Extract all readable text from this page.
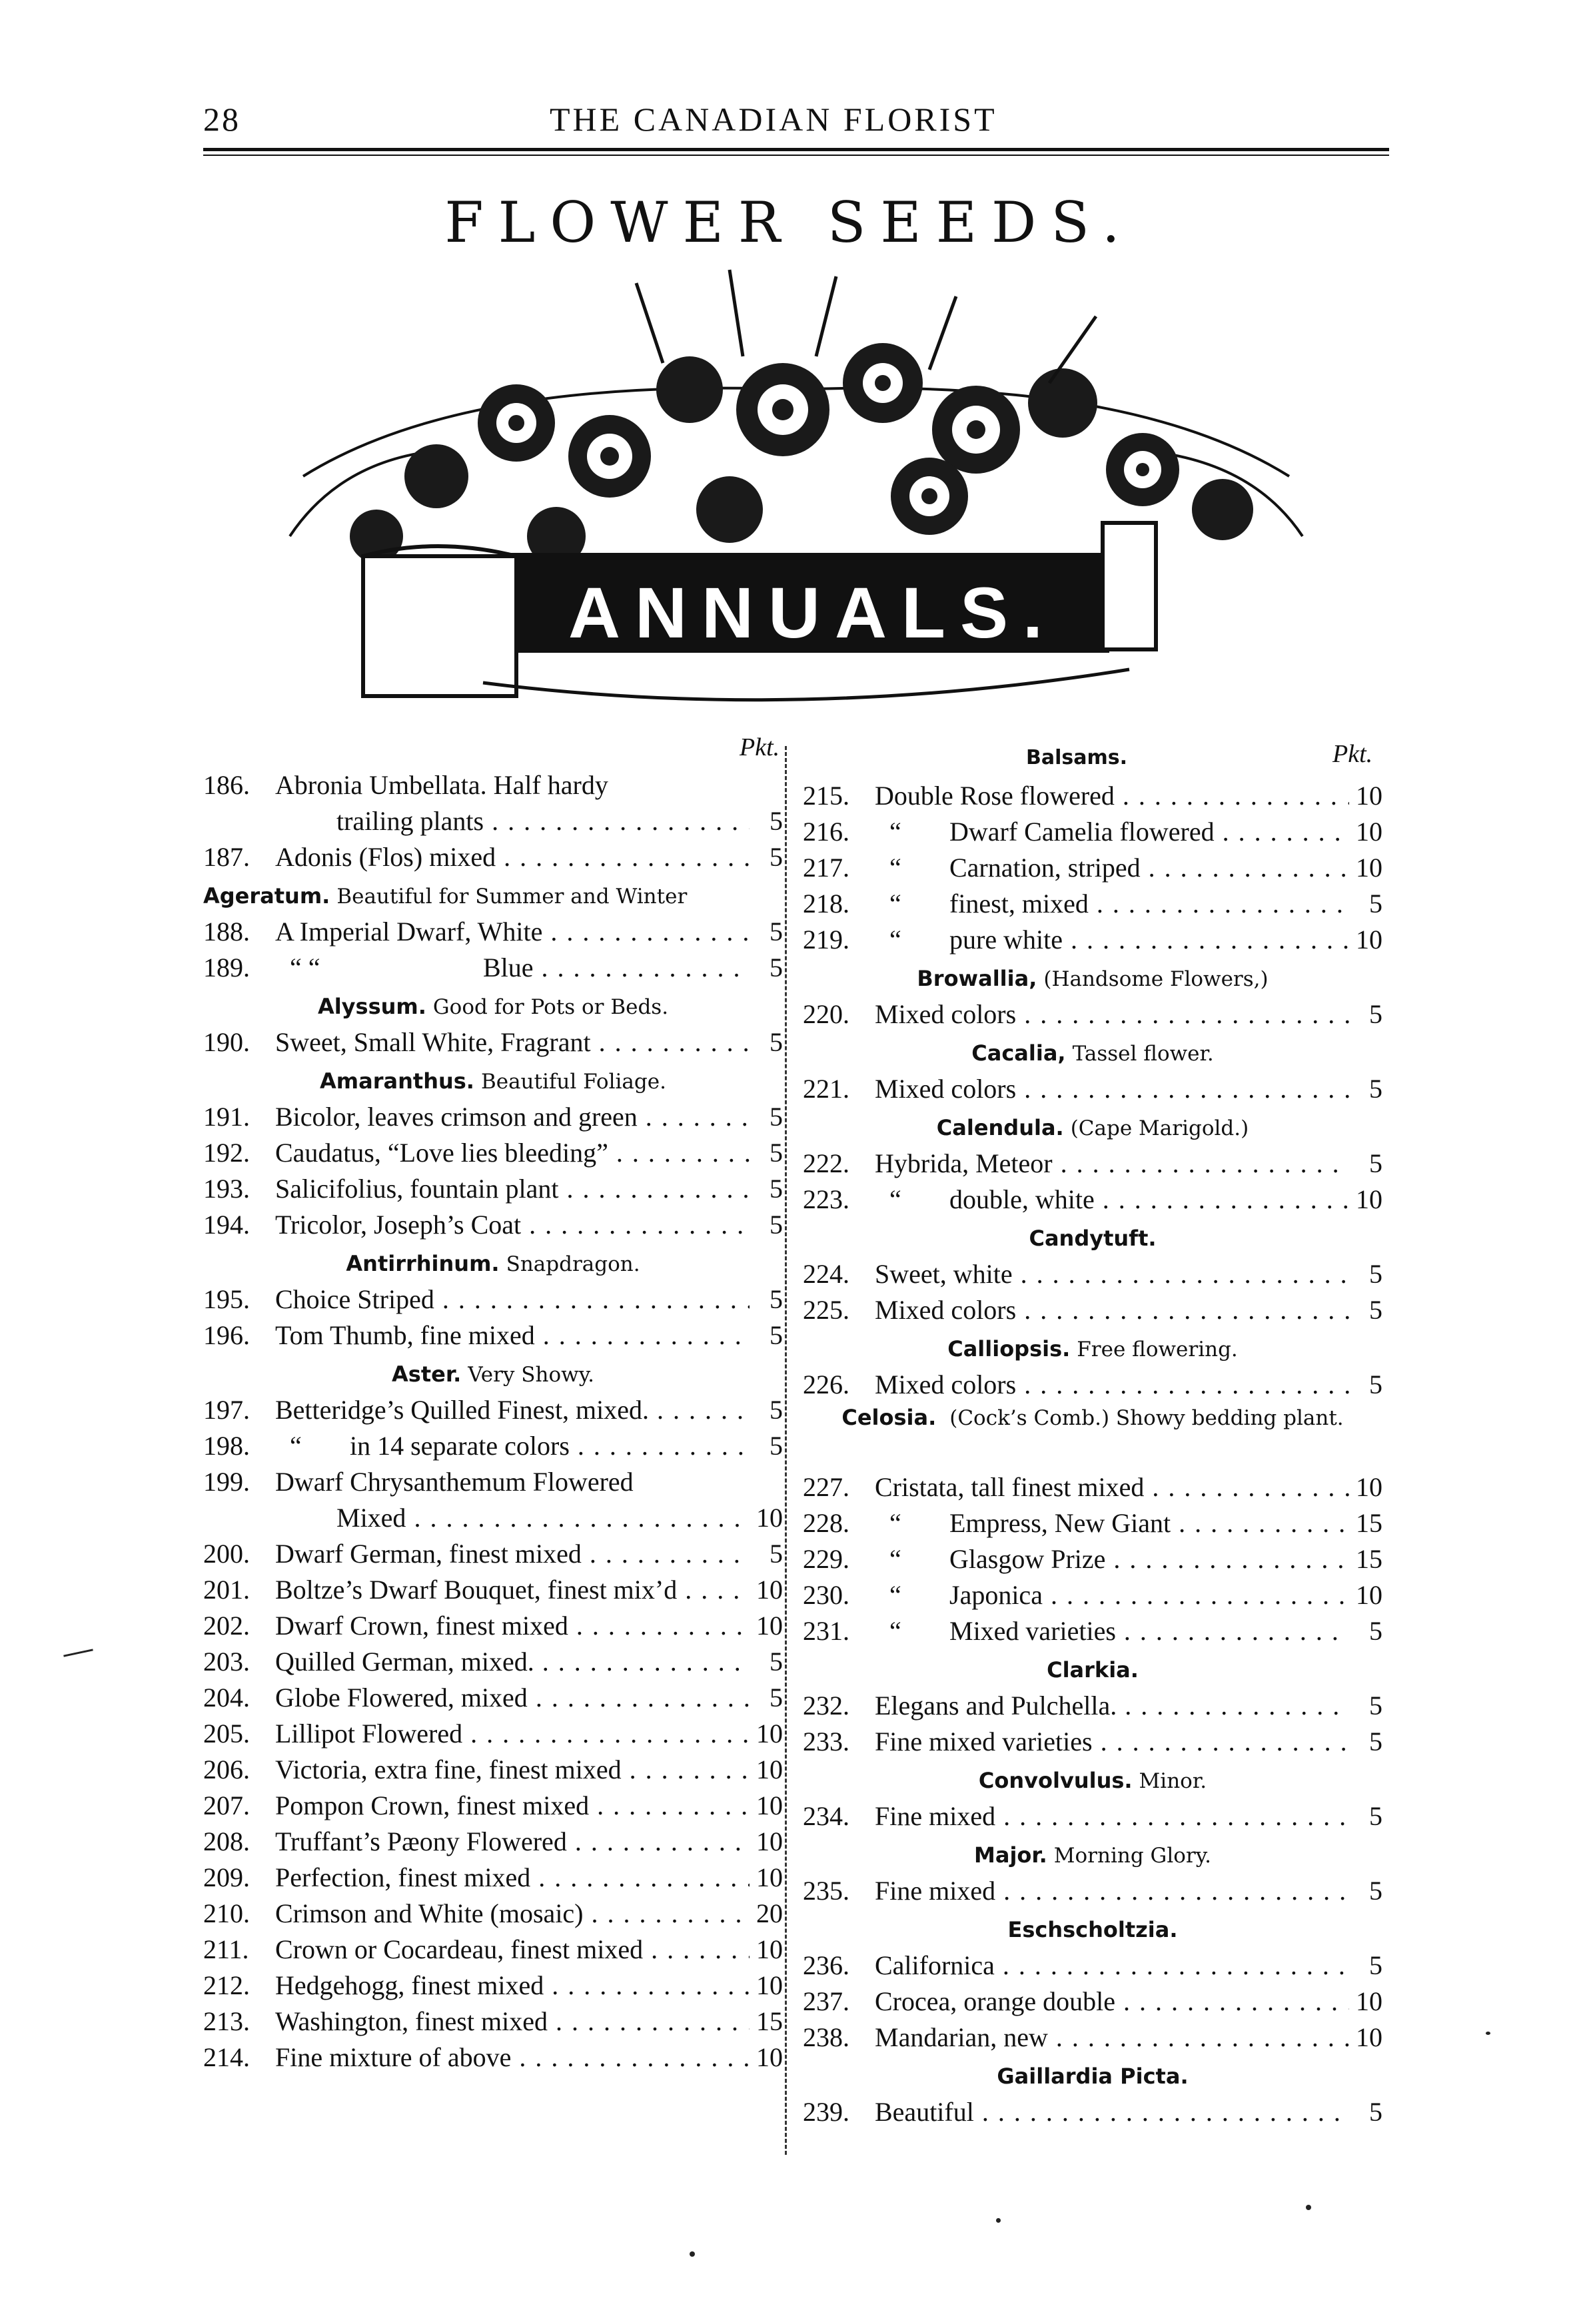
28	THE CANADIAN FLORIST
FLOWER SEEDS.
ANNUALS.
Pkt.	Balsams.	Pkt.
186. Abronia Umbellata. Half hardy
trailing plants . . .	5
187. Adonis (Flos) mixed . . .	5
Ageratum. Beautiful for Summer and Winter
188. A Imperial Dwarf, White . . .	5
189.	“ “	Blue . . .	5
Alyssum. Good for Pots or Beds.
190. Sweet, Small White, Fragrant . . .	5
Amaranthus. Beautiful Foliage.
191. Bicolor, leaves crimson and green . . .	5
192. Caudatus, “Love lies bleeding” . . .	5
193. Salicifolius, fountain plant . . .	5
194. Tricolor, Joseph’s Coat . . .	5
Antirrhinum. Snapdragon.
195. Choice Striped . . .	5
196. Tom Thumb, fine mixed . . .	5
Aster. Very Showy.
197. Betteridge’s Quilled Finest, mixed. . . .	5
198.	“ in 14 separate colors . . .	5
199. Dwarf Chrysanthemum Flowered
Mixed . . .	10
200. Dwarf German, finest mixed . . .	5
201. Boltze’s Dwarf Bouquet, finest mix’d . . .	10
202. Dwarf Crown, finest mixed . . .	10
203. Quilled German, mixed. . . .	5
204. Globe Flowered, mixed . . .	5
205. Lillipot Flowered . . .	10
206. Victoria, extra fine, finest mixed . . .	10
207. Pompon Crown, finest mixed . . .	10
208. Truffant’s Pæony Flowered . . .	10
209. Perfection, finest mixed . . .	10
210. Crimson and White (mosaic) . . .	20
211. Crown or Cocardeau, finest mixed . . .	10
212. Hedgehogg, finest mixed . . .	10
213. Washington, finest mixed . . .	15
214. Fine mixture of above . . .	10
215. Double Rose flowered . . .	10
216.	“ Dwarf Camelia flowered . . .	10
217.	“ Carnation, striped . . .	10
218.	“ finest, mixed . . .	5
219.	“ pure white . . .	10
Browallia, (Handsome Flowers,)
220. Mixed colors . . .	5
Cacalia, Tassel flower.
221. Mixed colors . . .	5
Calendula. (Cape Marigold.)
222. Hybrida, Meteor . . .	5
223.	“ double, white . . .	10
Candytuft.
224. Sweet, white . . .	5
225. Mixed colors . . .	5
Calliopsis. Free flowering.
226. Mixed colors . . .	5
Celosia. (Cock’s Comb.) Showy bedding plant.
227. Cristata, tall finest mixed . . .	10
228.	“ Empress, New Giant . . .	15
229.	“ Glasgow Prize . . .	15
230.	“ Japonica . . .	10
231.	“ Mixed varieties . . .	5
Clarkia.
232. Elegans and Pulchella. . . .	5
233. Fine mixed varieties . . .	5
Convolvulus. Minor.
234. Fine mixed . . .	5
Major. Morning Glory.
235. Fine mixed . . .	5
Eschscholtzia.
236. Californica . . .	5
237. Crocea, orange double . . .	10
238. Mandarian, new . . .	10
Gaillardia Picta.
239. Beautiful . . .	5
